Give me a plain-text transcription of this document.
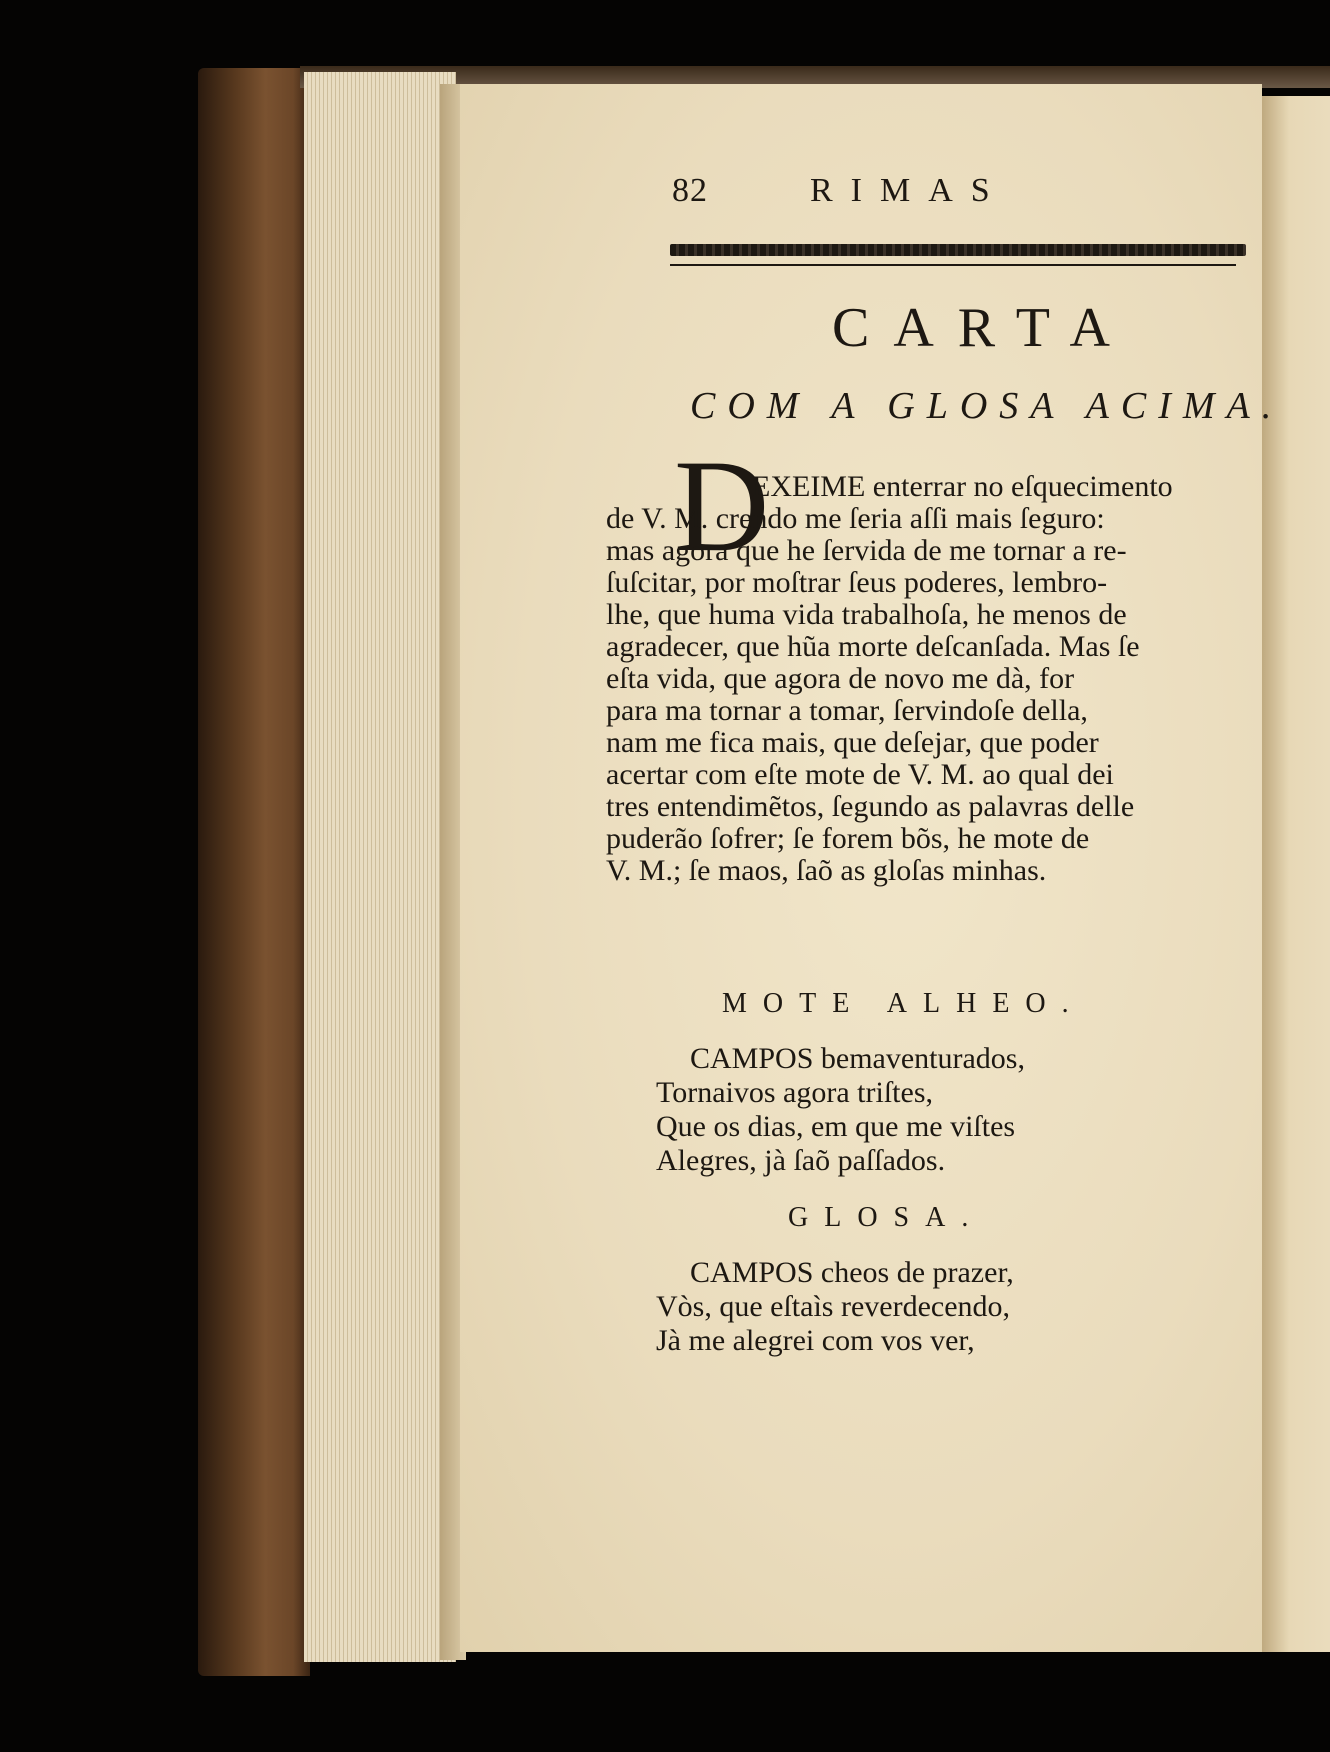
82	RIMAS
CARTA
COM A GLOSA ACIMA.
D
EXEIME enterrar no eſquecimento
de V. M. crendo me ſeria aſſi mais ſeguro:
mas agora que he ſervida de me tornar a re-
ſuſcitar, por moſtrar ſeus poderes, lembro-
lhe, que huma vida trabalhoſa, he menos de
agradecer, que hũa morte deſcanſada. Mas ſe
eſta vida, que agora de novo me dà, for
para ma tornar a tomar, ſervindoſe della,
nam me fica mais, que deſejar, que poder
acertar com eſte mote de V. M. ao qual dei
tres entendimẽtos, ſegundo as palavras delle
puderão ſofrer; ſe forem bõs, he mote de
V. M.; ſe maos, ſaõ as gloſas minhas.
MOTE ALHEO.
CAMPOS bemaventurados,
Tornaivos agora triſtes,
Que os dias, em que me viſtes
Alegres, jà ſaõ paſſados.
GLOSA.
CAMPOS cheos de prazer,
Vòs, que eſtaìs reverdecendo,
Jà me alegrei com vos ver,
